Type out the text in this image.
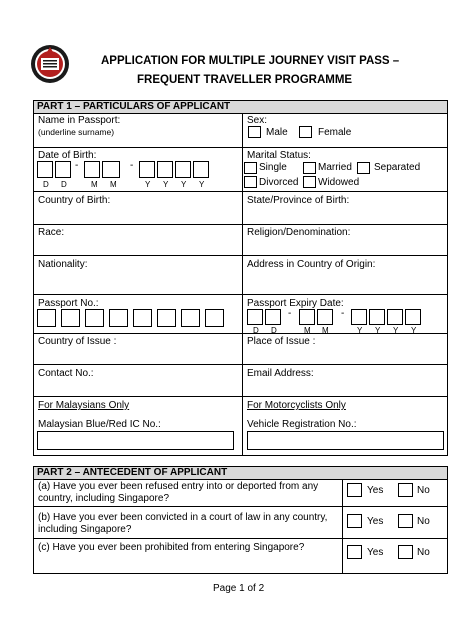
APPLICATION FOR MULTIPLE JOURNEY VISIT PASS –
FREQUENT TRAVELLER PROGRAMME
PART 1 – PARTICULARS OF APPLICANT
Name in Passport:
(underline surname)
Sex:
Male	Female
Date of Birth:
-	-
D D	M M	Y Y Y Y
Marital Status:
Single	Married Separated
Divorced Widowed
Country of Birth:	State/Province of Birth:
Race:	Religion/Denomination:
Nationality:	Address in Country of Origin:
Passport No.:	Passport Expiry Date:
-	-
D D	M M	Y Y Y Y
Country of Issue :	Place of Issue :
Contact No.:	Email Address:
For Malaysians Only
Malaysian Blue/Red IC No.:
For Motorcyclists Only
Vehicle Registration No.:
PART 2 – ANTECEDENT OF APPLICANT
(a) Have you ever been refused entry into or deported from any
country, including Singapore?
Yes	No
(b) Have you ever been convicted in a court of law in any country,
including Singapore?
Yes	No
(c) Have you ever been prohibited from entering Singapore?	Yes	No
Page 1 of 2
